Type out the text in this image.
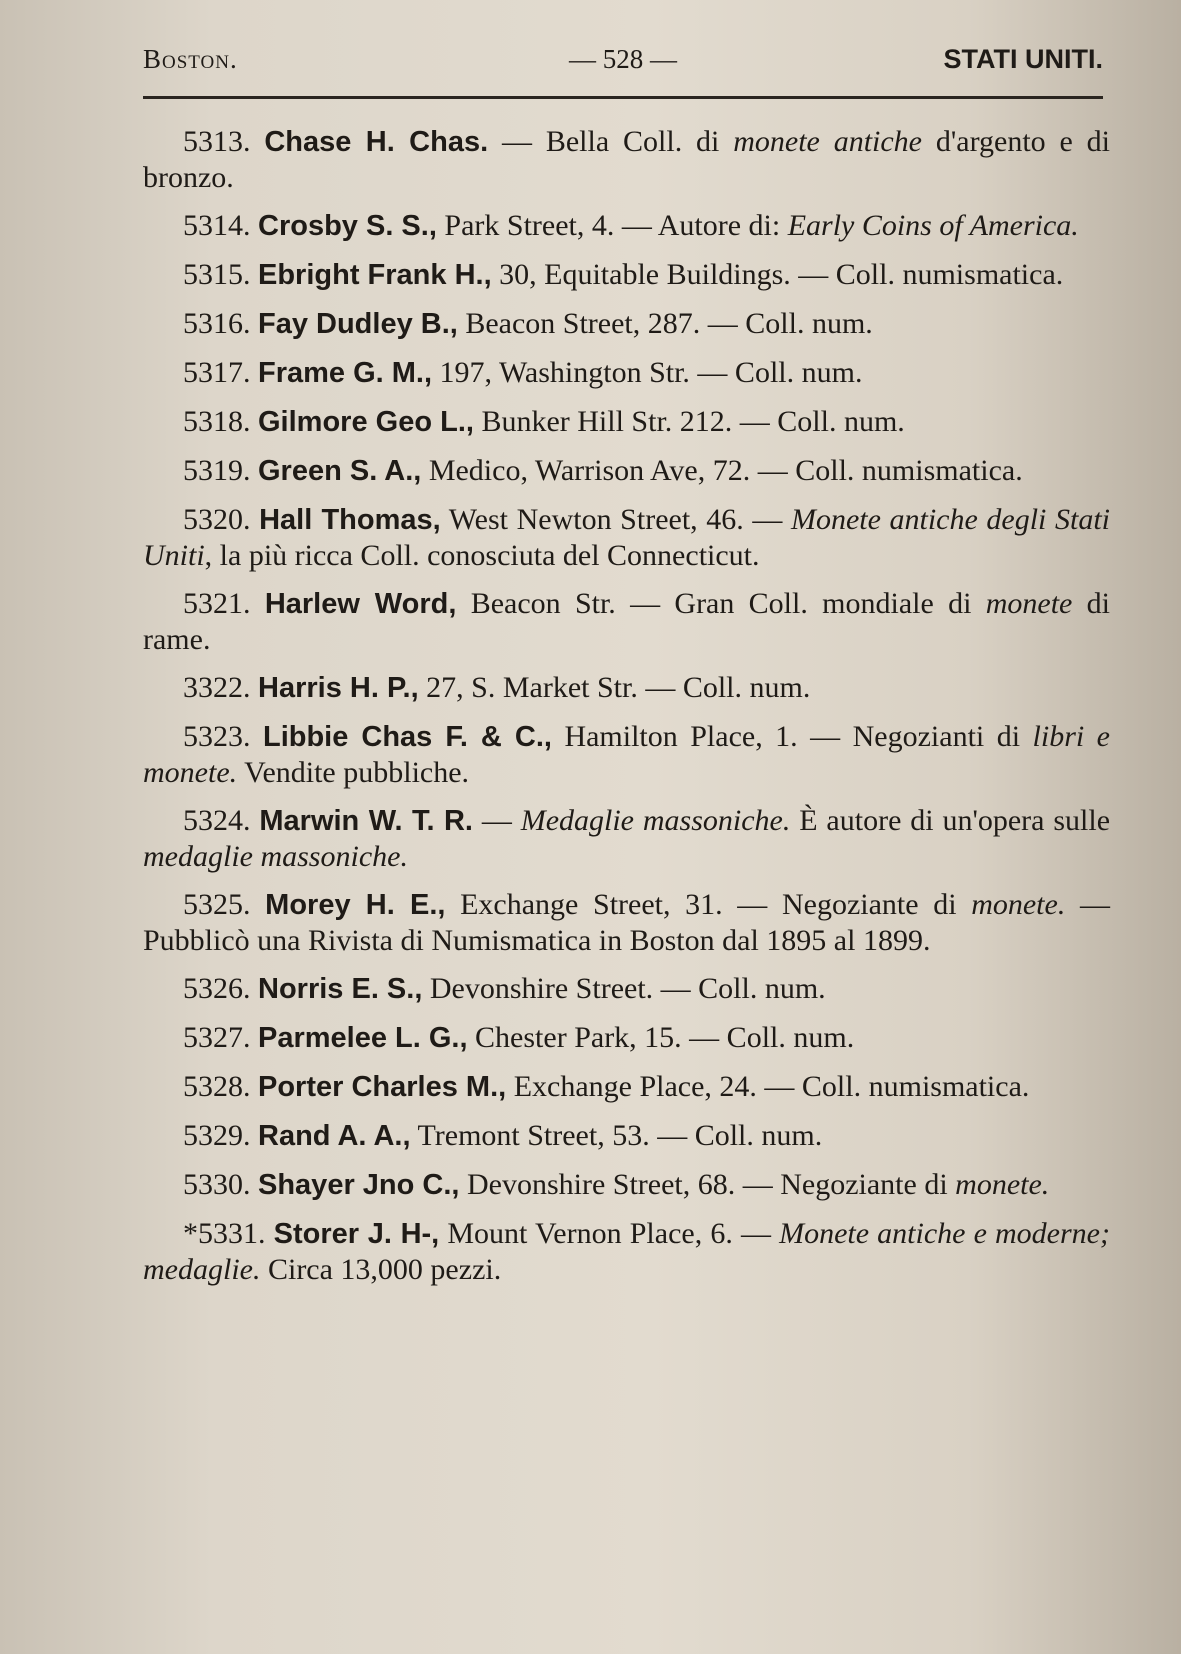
Boston.	— 528 —	STATI UNITI.

5313. Chase H. Chas. — Bella Coll. di monete antiche d'argento e di bronzo.

5314. Crosby S. S., Park Street, 4. — Autore di: Early Coins of America.

5315. Ebright Frank H., 30, Equitable Buildings. — Coll. numismatica.

5316. Fay Dudley B., Beacon Street, 287. — Coll. num.

5317. Frame G. M., 197, Washington Str. — Coll. num.

5318. Gilmore Geo L., Bunker Hill Str. 212. — Coll. num.

5319. Green S. A., Medico, Warrison Ave, 72. — Coll. numismatica.

5320. Hall Thomas, West Newton Street, 46. — Monete antiche degli Stati Uniti, la più ricca Coll. conosciuta del Connecticut.

5321. Harlew Word, Beacon Str. — Gran Coll. mondiale di monete di rame.

3322. Harris H. P., 27, S. Market Str. — Coll. num.

5323. Libbie Chas F. & C., Hamilton Place, 1. — Negozianti di libri e monete. Vendite pubbliche.

5324. Marwin W. T. R. — Medaglie massoniche. È autore di un'opera sulle medaglie massoniche.

5325. Morey H. E., Exchange Street, 31. — Negoziante di monete. — Pubblicò una Rivista di Numismatica in Boston dal 1895 al 1899.

5326. Norris E. S., Devonshire Street. — Coll. num.

5327. Parmelee L. G., Chester Park, 15. — Coll. num.

5328. Porter Charles M., Exchange Place, 24. — Coll. numismatica.

5329. Rand A. A., Tremont Street, 53. — Coll. num.

5330. Shayer Jno C., Devonshire Street, 68. — Negoziante di monete.

*5331. Storer J. H-, Mount Vernon Place, 6. — Monete antiche e moderne; medaglie. Circa 13,000 pezzi.
